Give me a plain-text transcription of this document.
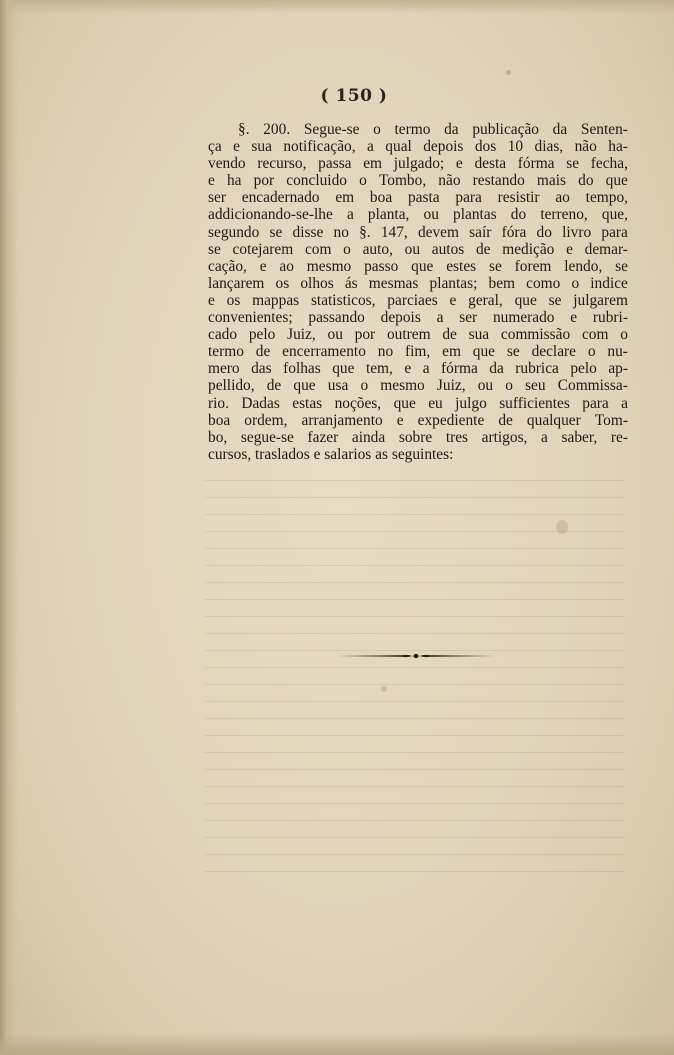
( 150 )
§. 200. Segue-se o termo da publicação da Senten-
ça e sua notificação, a qual depois dos 10 dias, não ha-
vendo recurso, passa em julgado; e desta fórma se fecha,
e ha por concluido o Tombo, não restando mais do que
ser encadernado em boa pasta para resistir ao tempo,
addicionando-se-lhe a planta, ou plantas do terreno, que,
segundo se disse no §. 147, devem saír fóra do livro para
se cotejarem com o auto, ou autos de medição e demar-
cação, e ao mesmo passo que estes se forem lendo, se
lançarem os olhos ás mesmas plantas; bem como o indice
e os mappas statisticos, parciaes e geral, que se julgarem
convenientes; passando depois a ser numerado e rubri-
cado pelo Juiz, ou por outrem de sua commissão com o
termo de encerramento no fim, em que se declare o nu-
mero das folhas que tem, e a fórma da rubrica pelo ap-
pellido, de que usa o mesmo Juiz, ou o seu Commissa-
rio. Dadas estas noções, que eu julgo sufficientes para a
boa ordem, arranjamento e expediente de qualquer Tom-
bo, segue-se fazer ainda sobre tres artigos, a saber, re-
cursos, traslados e salarios as seguintes:
